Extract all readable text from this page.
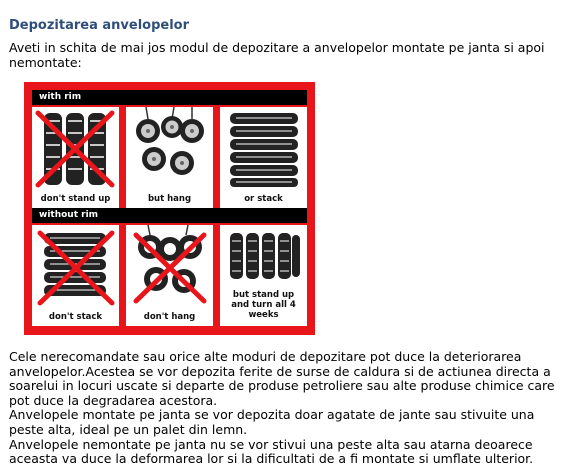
Depozitarea anvelopelor
Aveti in schita de mai jos modul de depozitare a anvelopelor montate pe janta si apoi nemontate:
with rim
without rim
don't stand up	but hang	or stack
don't stack	don't hang
but stand up and turn all 4 weeks

Cele nerecomandate sau orice alte moduri de depozitare pot duce la deteriorarea anvelopelor.Acestea se vor depozita ferite de surse de caldura si de actiunea directa a soarelui in locuri uscate si departe de produse petroliere sau alte produse chimice care pot duce la degradarea acestora.

Anvelopele montate pe janta se vor depozita doar agatate de jante sau stivuite una peste alta, ideal pe un palet din lemn.

Anvelopele nemontate pe janta nu se vor stivui una peste alta sau atarna deoarece aceasta va duce la deformarea lor si la dificultati de a fi montate si umflate ulterior.
